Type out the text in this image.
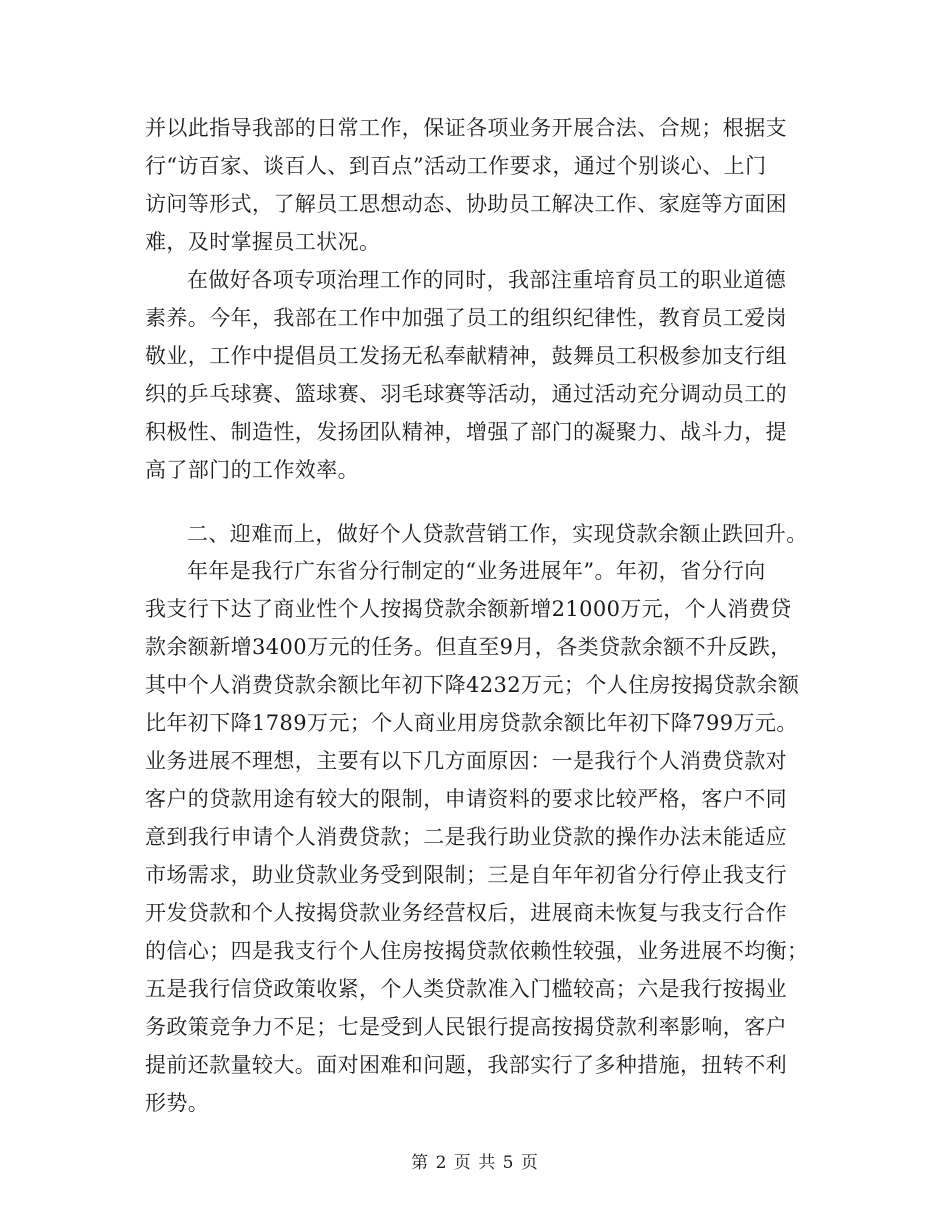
并以此指导我部的日常工作，保证各项业务开展合法、合规；根据支
行“访百家、谈百人、到百点”活动工作要求，通过个别谈心、上门
访问等形式，了解员工思想动态、协助员工解决工作、家庭等方面困
难，及时掌握员工状况。
在做好各项专项治理工作的同时，我部注重培育员工的职业道德
素养。今年，我部在工作中加强了员工的组织纪律性，教育员工爱岗
敬业，工作中提倡员工发扬无私奉献精神，鼓舞员工积极参加支行组
织的乒乓球赛、篮球赛、羽毛球赛等活动，通过活动充分调动员工的
积极性、制造性，发扬团队精神，增强了部门的凝聚力、战斗力，提
高了部门的工作效率。
二、迎难而上，做好个人贷款营销工作，实现贷款余额止跌回升。
年年是我行广东省分行制定的“业务进展年”。年初，省分行向
我支行下达了商业性个人按揭贷款余额新增21000万元，个人消费贷
款余额新增3400万元的任务。但直至9月，各类贷款余额不升反跌，
其中个人消费贷款余额比年初下降4232万元；个人住房按揭贷款余额
比年初下降1789万元；个人商业用房贷款余额比年初下降799万元。
业务进展不理想，主要有以下几方面原因：一是我行个人消费贷款对
客户的贷款用途有较大的限制，申请资料的要求比较严格，客户不同
意到我行申请个人消费贷款；二是我行助业贷款的操作办法未能适应
市场需求，助业贷款业务受到限制；三是自年年初省分行停止我支行
开发贷款和个人按揭贷款业务经营权后，进展商未恢复与我支行合作
的信心；四是我支行个人住房按揭贷款依赖性较强，业务进展不均衡；
五是我行信贷政策收紧，个人类贷款准入门槛较高；六是我行按揭业
务政策竞争力不足；七是受到人民银行提高按揭贷款利率影响，客户
提前还款量较大。面对困难和问题，我部实行了多种措施，扭转不利
形势。
第 2 页 共 5 页
